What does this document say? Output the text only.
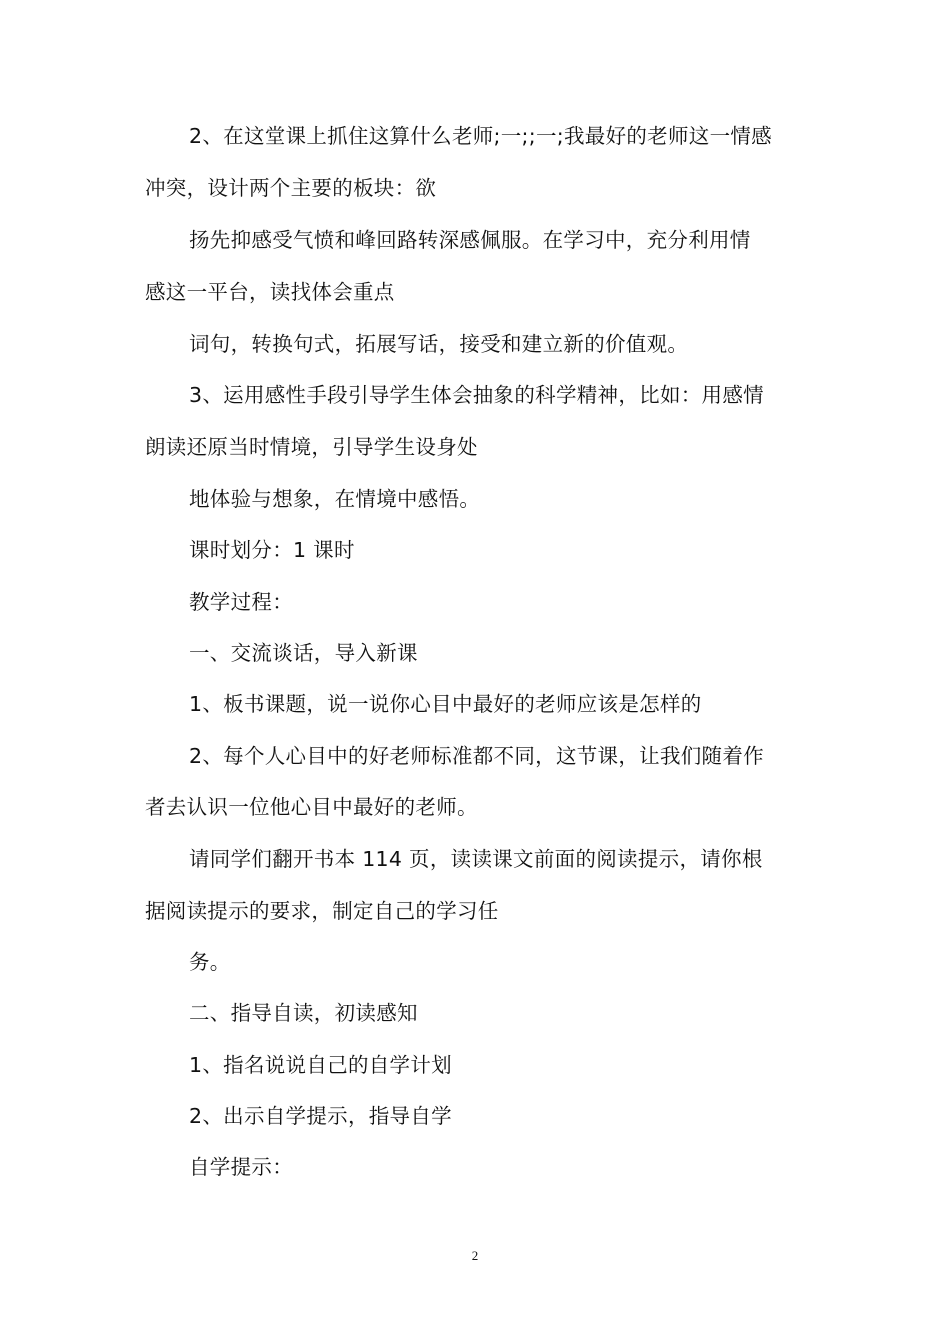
2、在这堂课上抓住这算什么老师;一;;一;我最好的老师这一情感
冲突，设计两个主要的板块：欲
扬先抑感受气愤和峰回路转深感佩服。在学习中，充分利用情
感这一平台，读找体会重点
词句，转换句式，拓展写话，接受和建立新的价值观。
3、运用感性手段引导学生体会抽象的科学精神，比如：用感情
朗读还原当时情境，引导学生设身处
地体验与想象，在情境中感悟。
课时划分：1 课时
教学过程：
一、交流谈话，导入新课
1、板书课题，说一说你心目中最好的老师应该是怎样的
2、每个人心目中的好老师标准都不同，这节课，让我们随着作
者去认识一位他心目中最好的老师。
请同学们翻开书本 114 页，读读课文前面的阅读提示，请你根
据阅读提示的要求，制定自己的学习任
务。
二、指导自读，初读感知
1、指名说说自己的自学计划
2、出示自学提示，指导自学
自学提示：
2
